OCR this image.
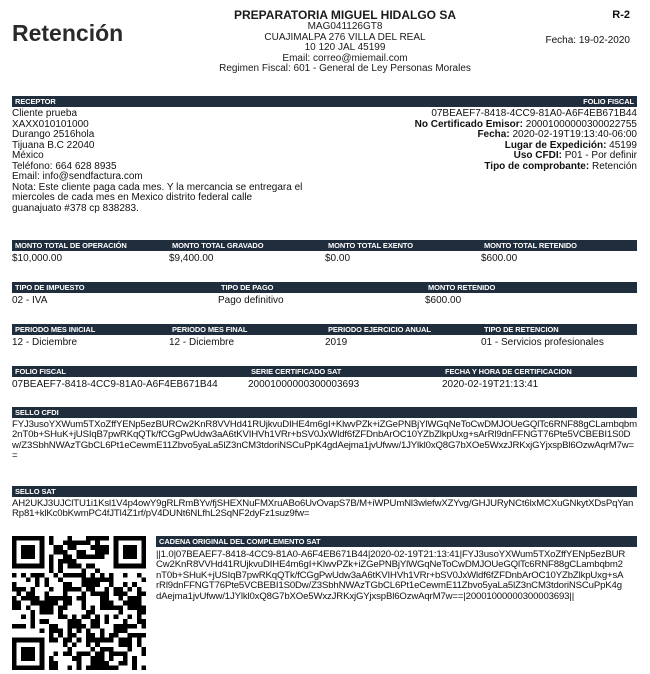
Retención
PREPARATORIA MIGUEL HIDALGO SA
MAG041126GT8
CUAJIMALPA 276 VILLA DEL REAL
10 120 JAL 45199
Email: correo@miemail.com
Regimen Fiscal: 601 - General de Ley Personas Morales
R-2
Fecha: 19-02-2020
RECEPTOR	FOLIO FISCAL
Cliente prueba
XAXX010101000
Durango 2516hola
Tijuana B.C 22040
México
Teléfono: 664 628 8935
Email: info@sendfactura.com
Nota: Este cliente paga cada mes. Y la mercancia se entregara el
miercoles de cada mes en Mexico distrito federal calle
guanajuato #378 cp 838283.
07BEAEF7-8418-4CC9-81A0-A6F4EB671B44
No Certificado Emisor: 20001000000300022755
Fecha: 2020-02-19T19:13:40-06:00
Lugar de Expedición: 45199
Uso CFDI: P01 - Por definir
Tipo de comprobante: Retención
MONTO TOTAL DE OPERACIÓN	MONTO TOTAL GRAVADO	MONTO TOTAL EXENTO	MONTO TOTAL RETENIDO
$10,000.00	$9,400.00	$0.00	$600.00
TIPO DE IMPUESTO	TIPO DE PAGO	MONTO RETENIDO
02 - IVA	Pago definitivo	$600.00
PERIODO MES INICIAL	PERIODO MES FINAL	PERIODO EJERCICIO ANUAL	TIPO DE RETENCION
12 - Diciembre	12 - Diciembre	2019	01 - Servicios profesionales
FOLIO FISCAL	SERIE CERTIFICADO SAT	FECHA Y HORA DE CERTIFICACION
07BEAEF7-8418-4CC9-81A0-A6F4EB671B44	20001000000300003693	2020-02-19T21:13:41
SELLO CFDI
FYJ3usoYXWum5TXoZffYENp5ezBURCw2KnR8VVHd41RUjkvuDIHE4m6gI+KlwvPZk+iZGePNBjYlWGqNeToCwDMJOUeGQlTc6RNF88gCLambqbm2nT0b+SHuK+jUSIqB7pwRKqQTk/fCGgPwUdw3aA6tKVIHVh1VRr+bSV0JxWldf6fZFDnbArOC10YZbZlkpUxg+sArRl9dnFFNGT76Pte5VCBEBI1S0Dw/Z3SbhNWAzTGbCL6Pt1eCewmE11Zbvo5yaLa5lZ3nCM3tdoriNSCuPpK4gdAejma1jvUfww/1JYlkl0xQ8G7bXOe5WxzJRKxjGYjxspBl6OzwAqrM7w==
SELLO SAT
AH2UKJ3UJClTU1i1Ksl1V4p4owY9gRLRmBYv/fjSHEXNuFMXruABo6UvOvapS7B/M+iWPUmNl3wlefwXZYvg/GHJURyNCt6lxMCXuGNkytXDsPqYanRp81+klKc0bKwmPC4fJTl4Z1rf/pV4DUNt6NLfhL2SqNF2dyFz1suz9fw=
CADENA ORIGINAL DEL COMPLEMENTO SAT
||1.0|07BEAEF7-8418-4CC9-81A0-A6F4EB671B44|2020-02-19T21:13:41|FYJ3usoYXWum5TXoZffYENp5ezBURCw2KnR8VVHd41RUjkvuDIHE4m6gI+KlwvPZk+iZGePNBjYlWGqNeToCwDMJOUeGQlTc6RNF88gCLambqbm2nT0b+SHuK+jUSIqB7pwRKqQTk/fCGgPwUdw3aA6tKVIHVh1VRr+bSV0JxWldf6fZFDnbArOC10YZbZlkpUxg+sArRl9dnFFNGT76Pte5VCBEBI1S0Dw/Z3SbhNWAzTGbCL6Pt1eCewmE11Zbvo5yaLa5lZ3nCM3tdoriNSCuPpK4gdAejma1jvUfww/1JYlkl0xQ8G7bXOe5WxzJRKxjGYjxspBl6OzwAqrM7w==|20001000000300003693||
